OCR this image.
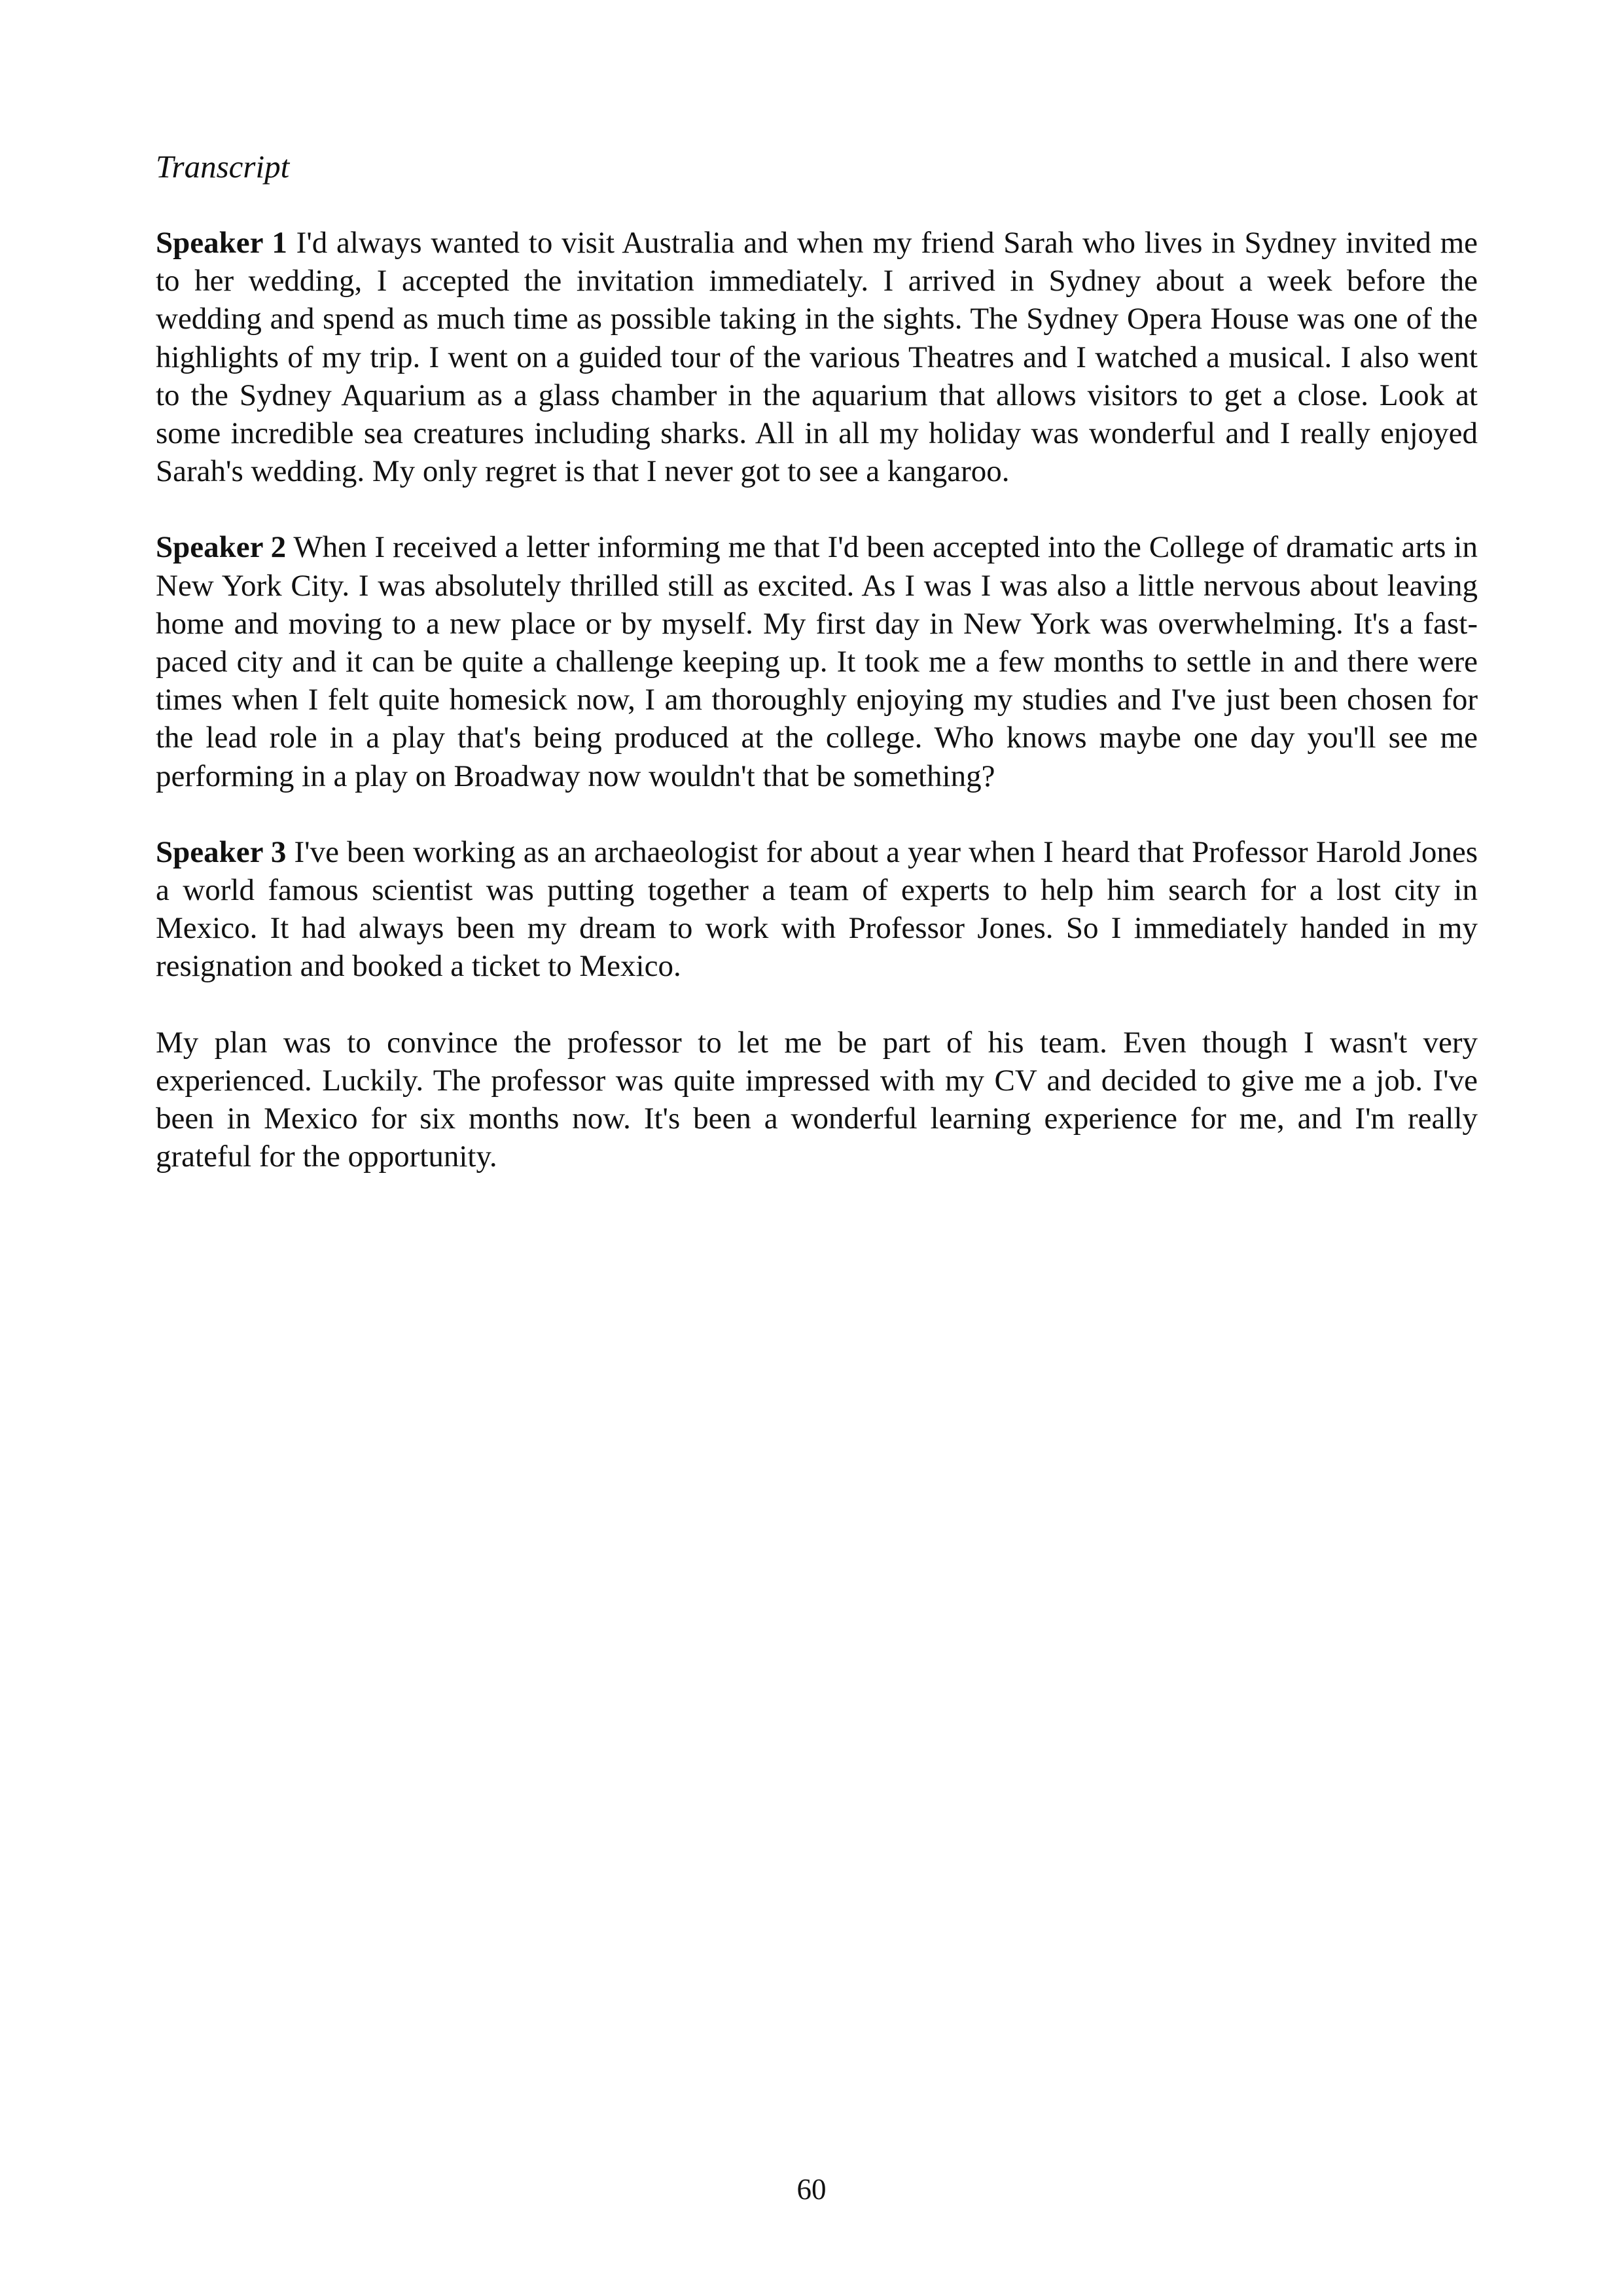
Transcript

Speaker 1 I'd always wanted to visit Australia and when my friend Sarah who lives in Sydney invited me to her wedding, I accepted the invitation immediately. I arrived in Sydney about a week before the wedding and spend as much time as possible taking in the sights. The Sydney Opera House was one of the highlights of my trip. I went on a guided tour of the various Theatres and I watched a musical. I also went to the Sydney Aquarium as a glass chamber in the aquarium that allows visitors to get a close. Look at some incredible sea creatures including sharks. All in all my holiday was wonderful and I really enjoyed Sarah's wedding. My only regret is that I never got to see a kangaroo.

Speaker 2 When I received a letter informing me that I'd been accepted into the College of dramatic arts in New York City. I was absolutely thrilled still as excited. As I was I was also a little nervous about leaving home and moving to a new place or by myself. My first day in New York was overwhelming. It's a fast-paced city and it can be quite a challenge keeping up. It took me a few months to settle in and there were times when I felt quite homesick now, I am thoroughly enjoying my studies and I've just been chosen for the lead role in a play that's being produced at the college. Who knows maybe one day you'll see me performing in a play on Broadway now wouldn't that be something?

Speaker 3 I've been working as an archaeologist for about a year when I heard that Professor Harold Jones a world famous scientist was putting together a team of experts to help him search for a lost city in Mexico. It had always been my dream to work with Professor Jones. So I immediately handed in my resignation and booked a ticket to Mexico.

My plan was to convince the professor to let me be part of his team. Even though I wasn't very experienced. Luckily. The professor was quite impressed with my CV and decided to give me a job. I've been in Mexico for six months now. It's been a wonderful learning experience for me, and I'm really grateful for the opportunity.

60
